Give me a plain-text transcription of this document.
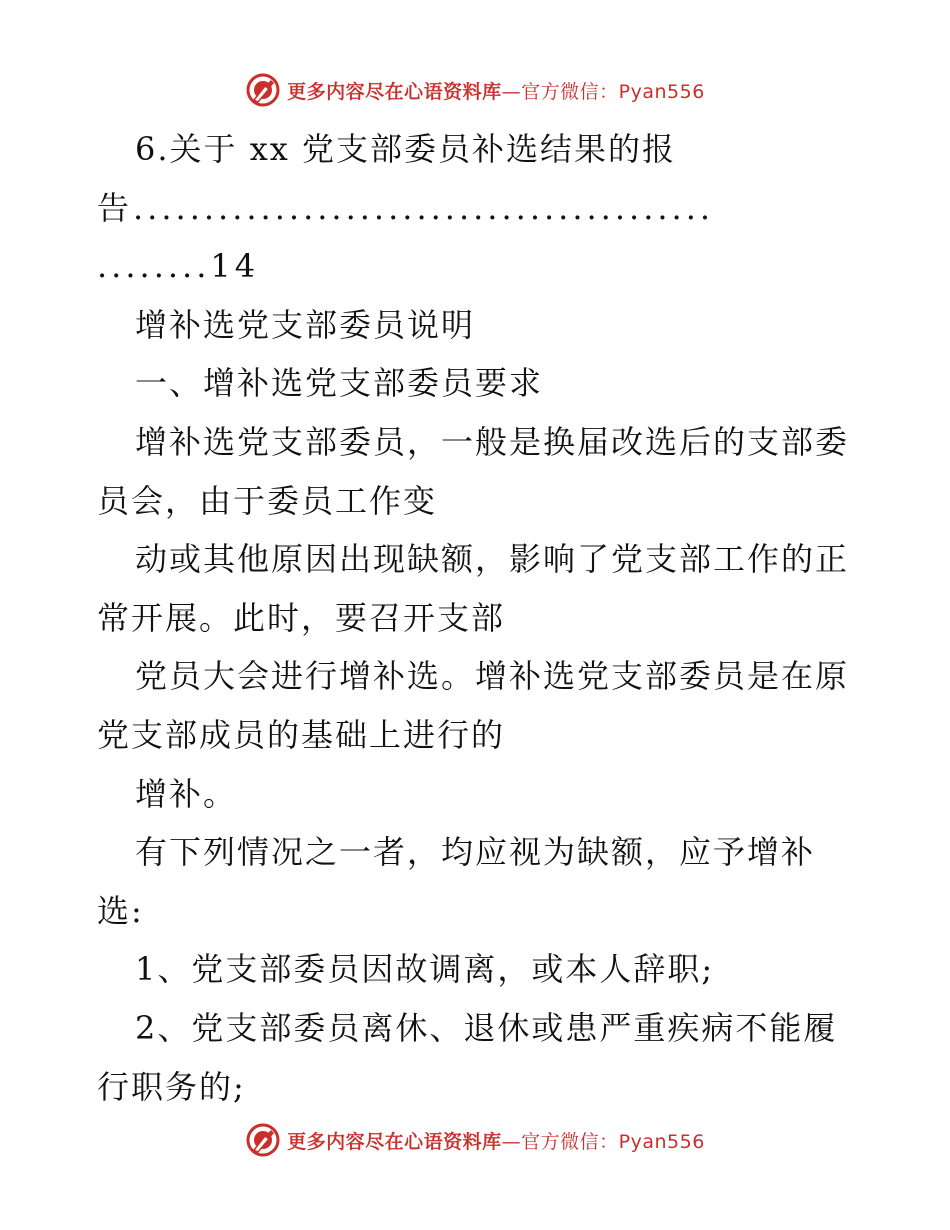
更多内容尽在心语资料库—官方微信：Pyan556
6.关于 xx 党支部委员补选结果的报
告.........................................
........14
增补选党支部委员说明
一、增补选党支部委员要求
增补选党支部委员，一般是换届改选后的支部委
员会，由于委员工作变
动或其他原因出现缺额，影响了党支部工作的正
常开展。此时，要召开支部
党员大会进行增补选。增补选党支部委员是在原
党支部成员的基础上进行的
增补。
有下列情况之一者，均应视为缺额，应予增补
选:
1、党支部委员因故调离，或本人辞职;
2、党支部委员离休、退休或患严重疾病不能履
行职务的;
更多内容尽在心语资料库—官方微信：Pyan556
